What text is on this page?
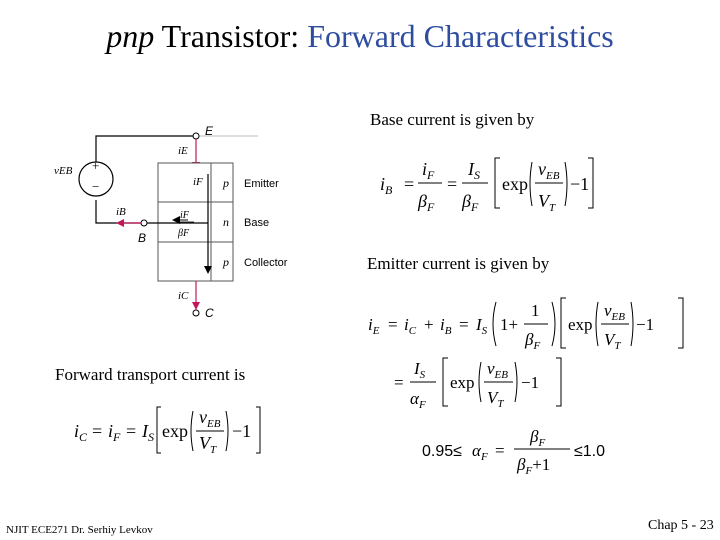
pnp Transistor: Forward Characteristics
Base current is given by
Emitter current is given by
Forward transport current is
+
−
vEB
E
iE
iF
iB
B
iF
βF
p
n
p
Emitter
Base
Collector
iC
C
$i_B$ =
$i_F$
$\beta_F$
=
$I_S$
$\beta_F$
exp
$v_{EB}$
$V_T$
−1
$i_E = i_C + i_B = I_S$ 1+
1
$\beta_F$
exp
$v_{EB}$
$V_T$
−1
=
$I_S$
$\alpha_F$
exp
$v_{EB}$
$V_T$
−1
$0.95\le \alpha_F$ =
$\beta_F$
$\beta_F+1$
≤1.0
$i_C = i_F = I_S$ exp
$v_{EB}$
$V_T$
−1
NJIT ECE271 Dr. Serhiy Levkov	Chap 5 - 23
